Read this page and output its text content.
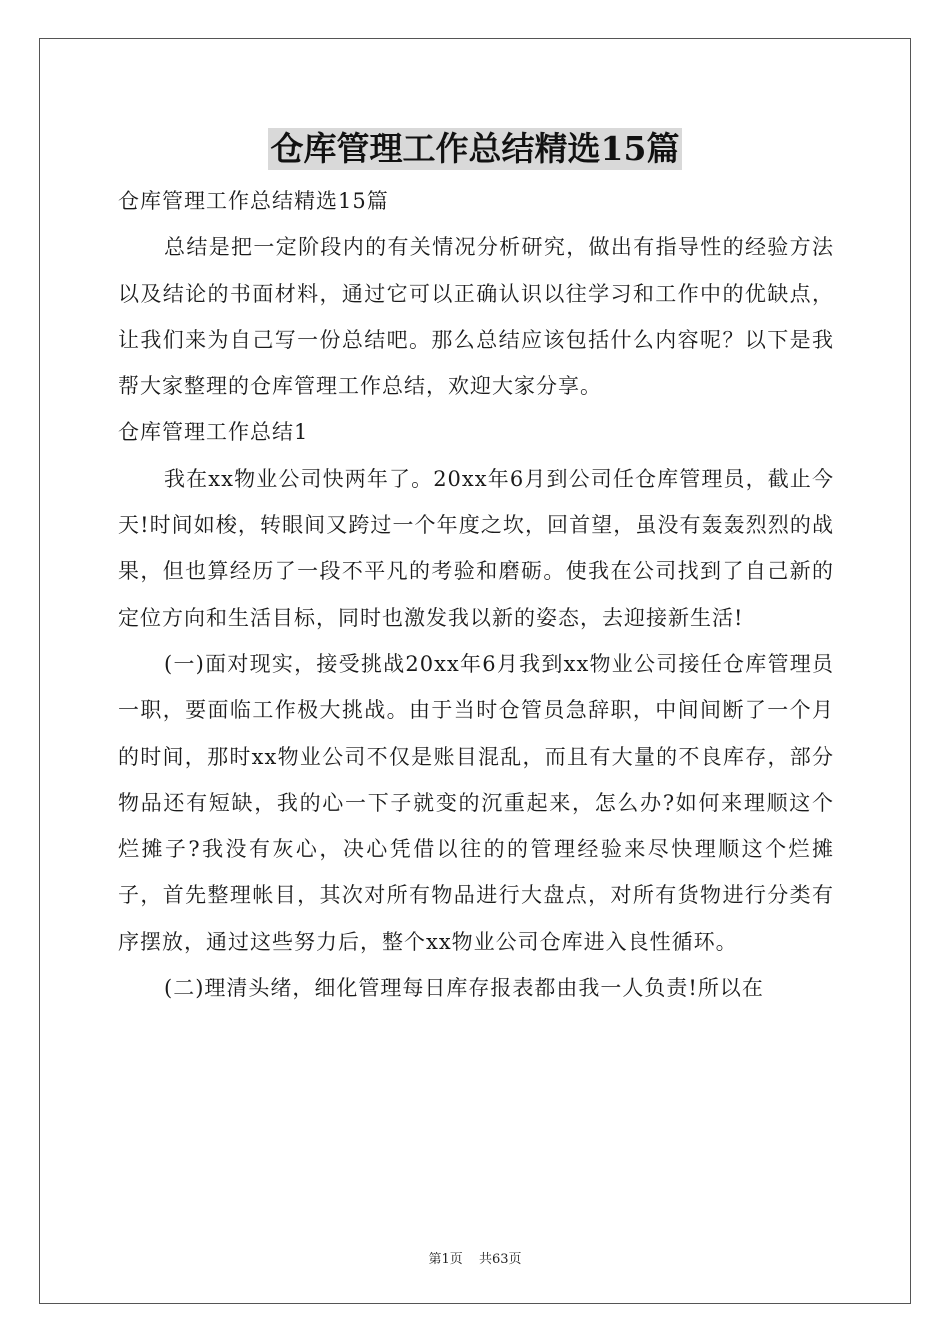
仓库管理工作总结精选15篇

仓库管理工作总结精选15篇

总结是把一定阶段内的有关情况分析研究，做出有指导性的经验方法以及结论的书面材料，通过它可以正确认识以往学习和工作中的优缺点，让我们来为自己写一份总结吧。那么总结应该包括什么内容呢？以下是我帮大家整理的仓库管理工作总结，欢迎大家分享。

仓库管理工作总结1

我在xx物业公司快两年了。20xx年6月到公司任仓库管理员，截止今天!时间如梭，转眼间又跨过一个年度之坎，回首望，虽没有轰轰烈烈的战果，但也算经历了一段不平凡的考验和磨砺。使我在公司找到了自己新的定位方向和生活目标，同时也激发我以新的姿态，去迎接新生活!

(一)面对现实，接受挑战20xx年6月我到xx物业公司接任仓库管理员一职，要面临工作极大挑战。由于当时仓管员急辞职，中间间断了一个月的时间，那时xx物业公司不仅是账目混乱，而且有大量的不良库存，部分物品还有短缺，我的心一下子就变的沉重起来，怎么办?如何来理顺这个烂摊子?我没有灰心，决心凭借以往的的管理经验来尽快理顺这个烂摊子，首先整理帐目，其次对所有物品进行大盘点，对所有货物进行分类有序摆放，通过这些努力后，整个xx物业公司仓库进入良性循环。

(二)理清头绪，细化管理每日库存报表都由我一人负责!所以在

第1页 共63页
